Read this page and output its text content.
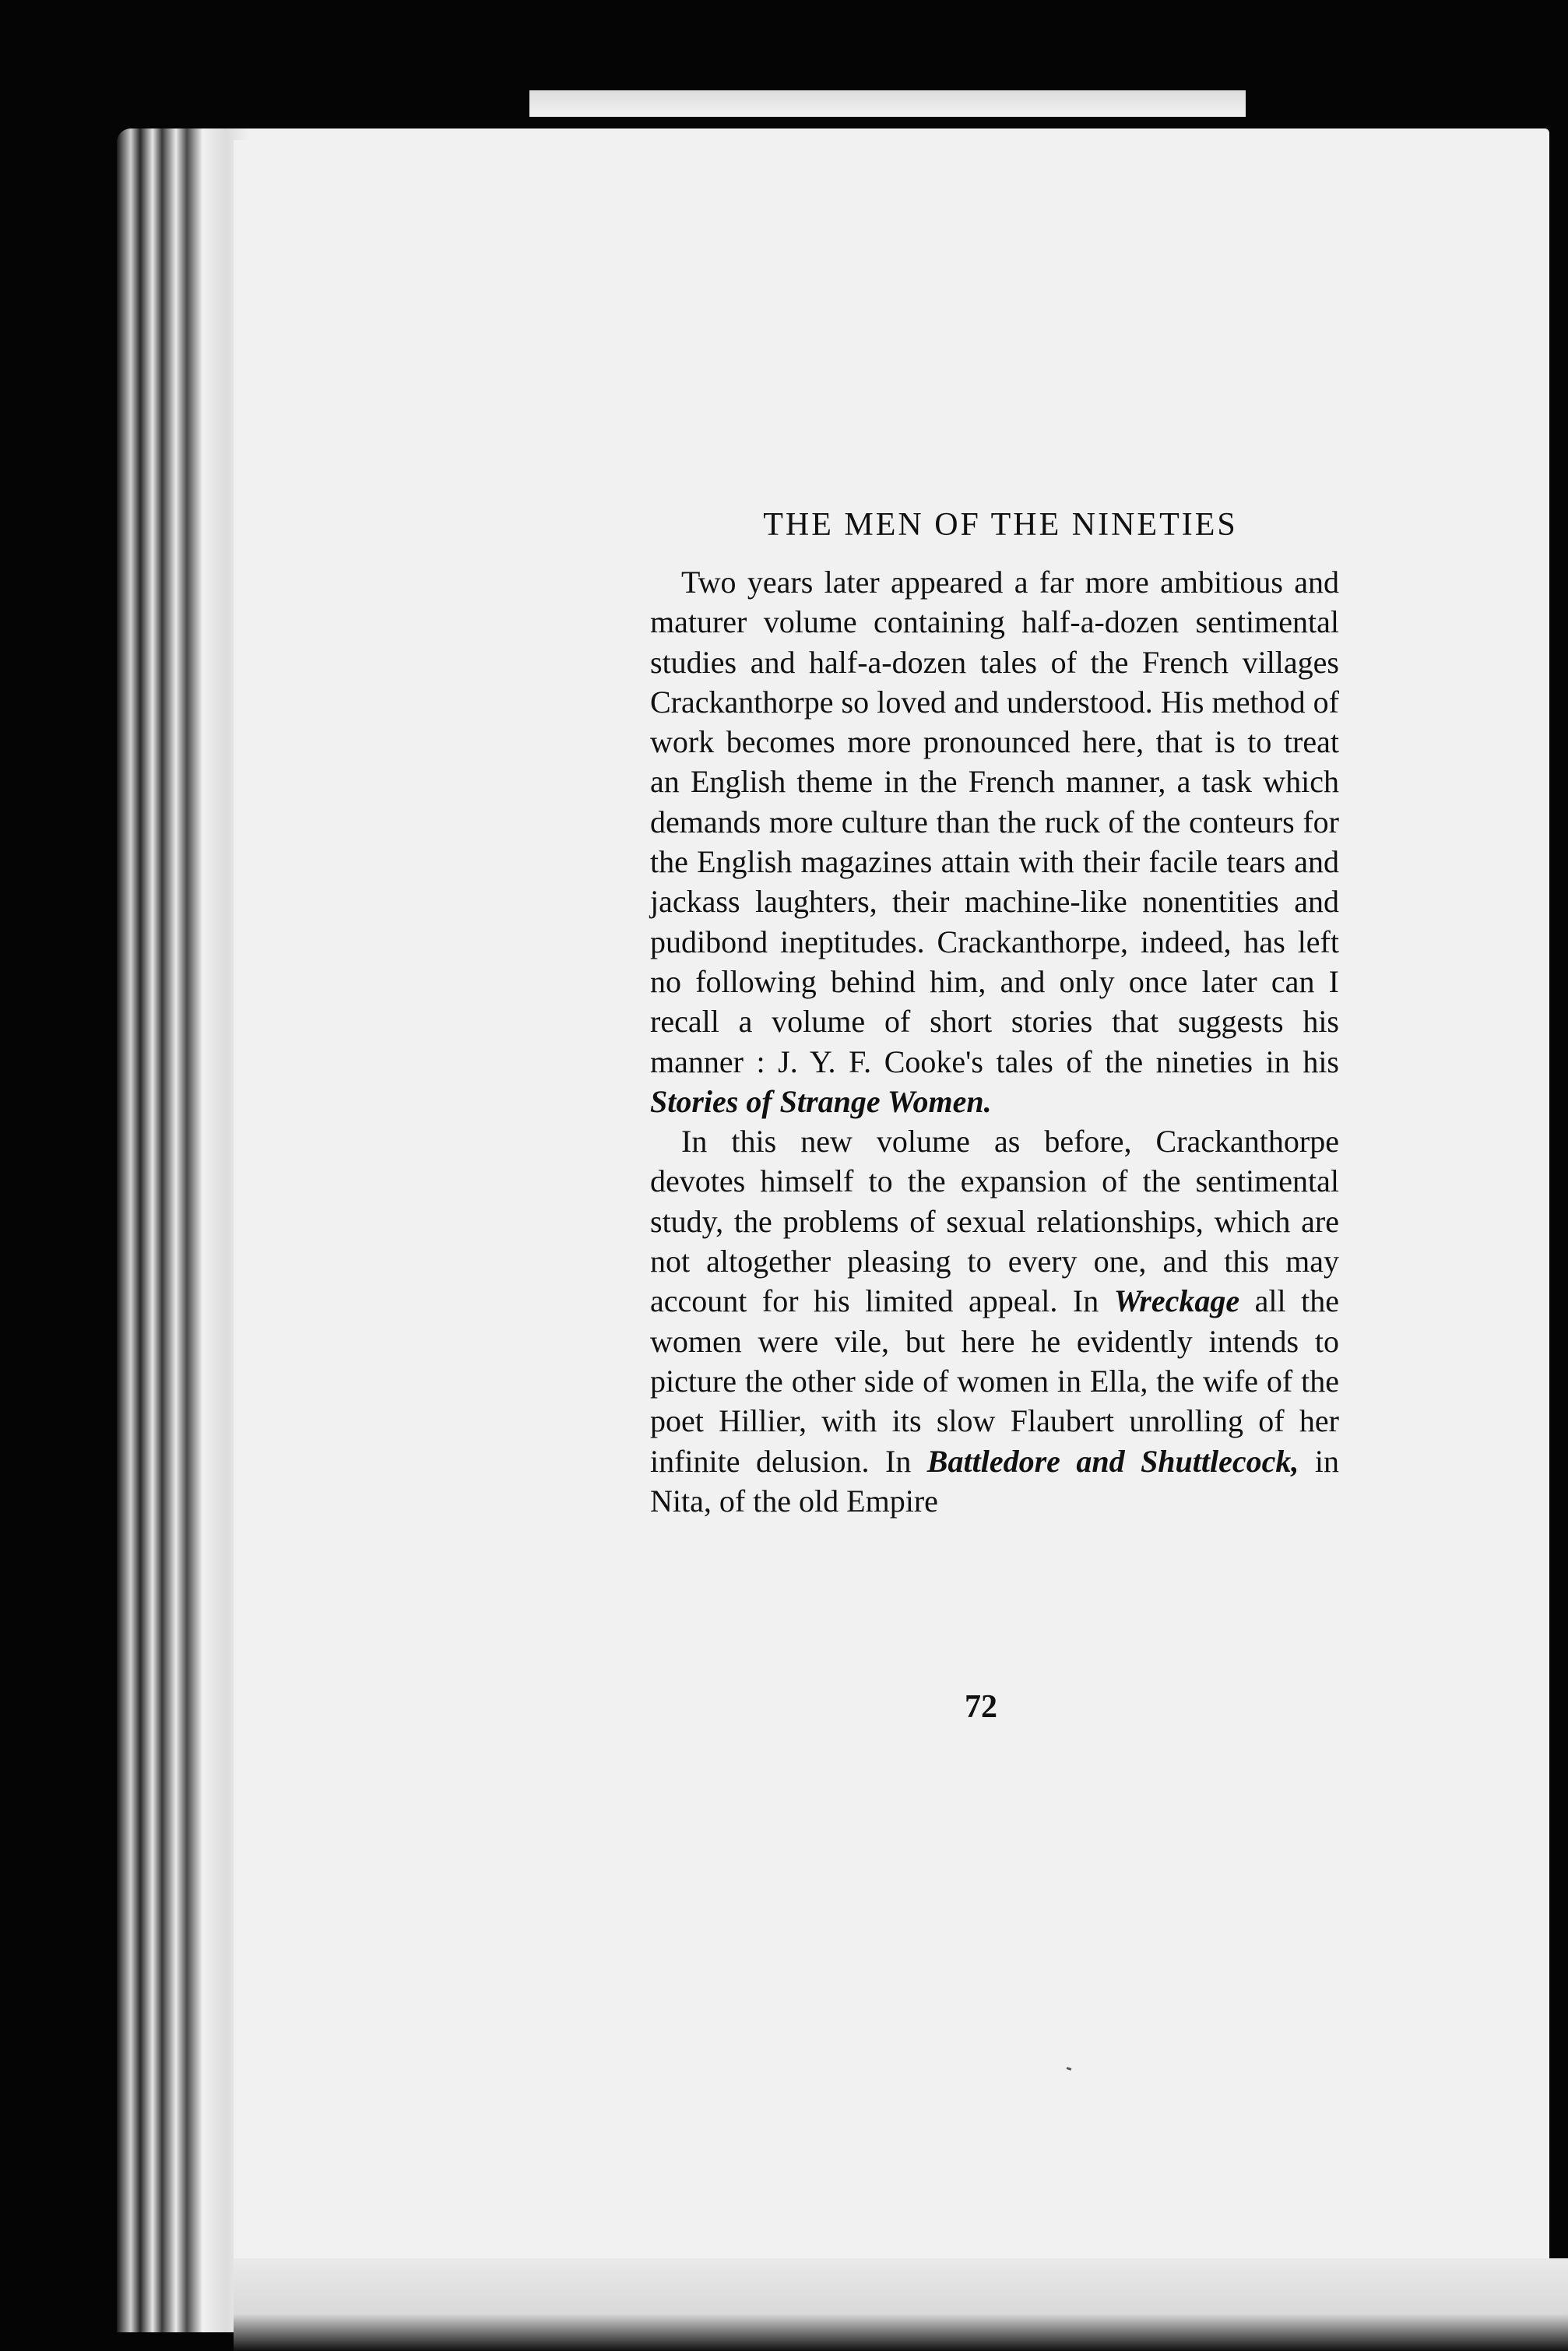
THE MEN OF THE NINETIES

Two years later appeared a far more ambitious and maturer volume containing half-a-dozen sentimental studies and half-a-dozen tales of the French villages Crackanthorpe so loved and understood. His method of work becomes more pronounced here, that is to treat an English theme in the French manner, a task which demands more culture than the ruck of the conteurs for the English magazines attain with their facile tears and jackass laughters, their machine-like nonentities and pudibond ineptitudes. Crackanthorpe, indeed, has left no following behind him, and only once later can I recall a volume of short stories that suggests his manner : J. Y. F. Cooke's tales of the nineties in his Stories of Strange Women.

In this new volume as before, Crackanthorpe devotes himself to the expansion of the sentimental study, the problems of sexual relationships, which are not altogether pleasing to every one, and this may account for his limited appeal. In Wreckage all the women were vile, but here he evidently intends to picture the other side of women in Ella, the wife of the poet Hillier, with its slow Flaubert unrolling of her infinite delusion. In Battledore and Shuttlecock, in Nita, of the old Empire

72
